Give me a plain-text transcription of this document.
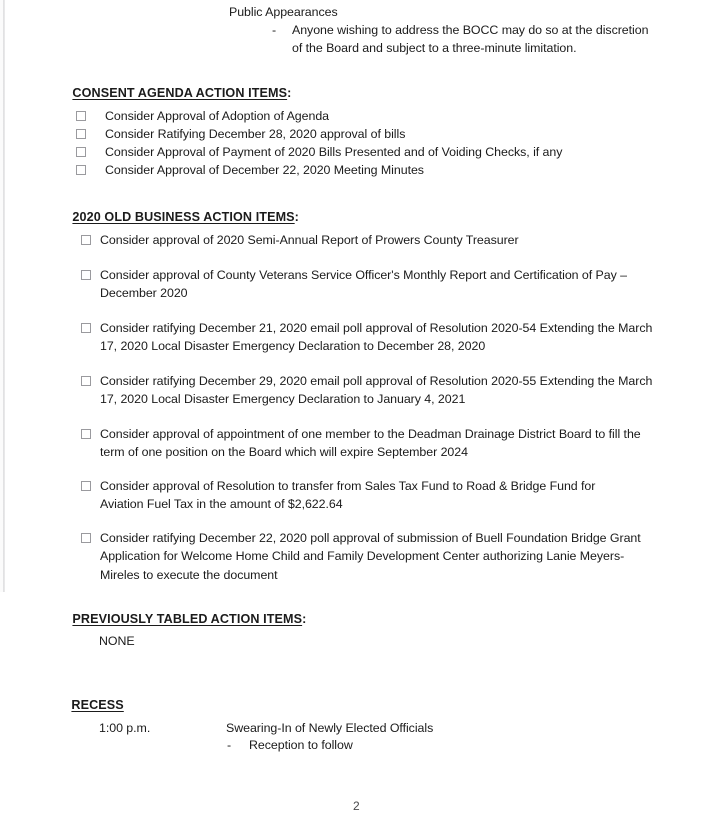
Public Appearances
-	Anyone wishing to address the BOCC may do so at the discretion of the Board and subject to a three-minute limitation.

CONSENT AGENDA ACTION ITEMS:

Consider Approval of Adoption of Agenda
Consider Ratifying December 28, 2020 approval of bills
Consider Approval of Payment of 2020 Bills Presented and of Voiding Checks, if any
Consider Approval of December 22, 2020 Meeting Minutes

2020 OLD BUSINESS ACTION ITEMS:

Consider approval of 2020 Semi-Annual Report of Prowers County Treasurer
Consider approval of County Veterans Service Officer's Monthly Report and Certification of Pay – December 2020
Consider ratifying December 21, 2020 email poll approval of Resolution 2020-54 Extending the March 17, 2020 Local Disaster Emergency Declaration to December 28, 2020
Consider ratifying December 29, 2020 email poll approval of Resolution 2020-55 Extending the March 17, 2020 Local Disaster Emergency Declaration to January 4, 2021
Consider approval of appointment of one member to the Deadman Drainage District Board to fill the term of one position on the Board which will expire September 2024
Consider approval of Resolution to transfer from Sales Tax Fund to Road & Bridge Fund for Aviation Fuel Tax in the amount of $2,622.64
Consider ratifying December 22, 2020 poll approval of submission of Buell Foundation Bridge Grant Application for Welcome Home Child and Family Development Center authorizing Lanie Meyers-Mireles to execute the document

PREVIOUSLY TABLED ACTION ITEMS:

NONE

RECESS

1:00 p.m.	Swearing-In of Newly Elected Officials
-	Reception to follow
2
